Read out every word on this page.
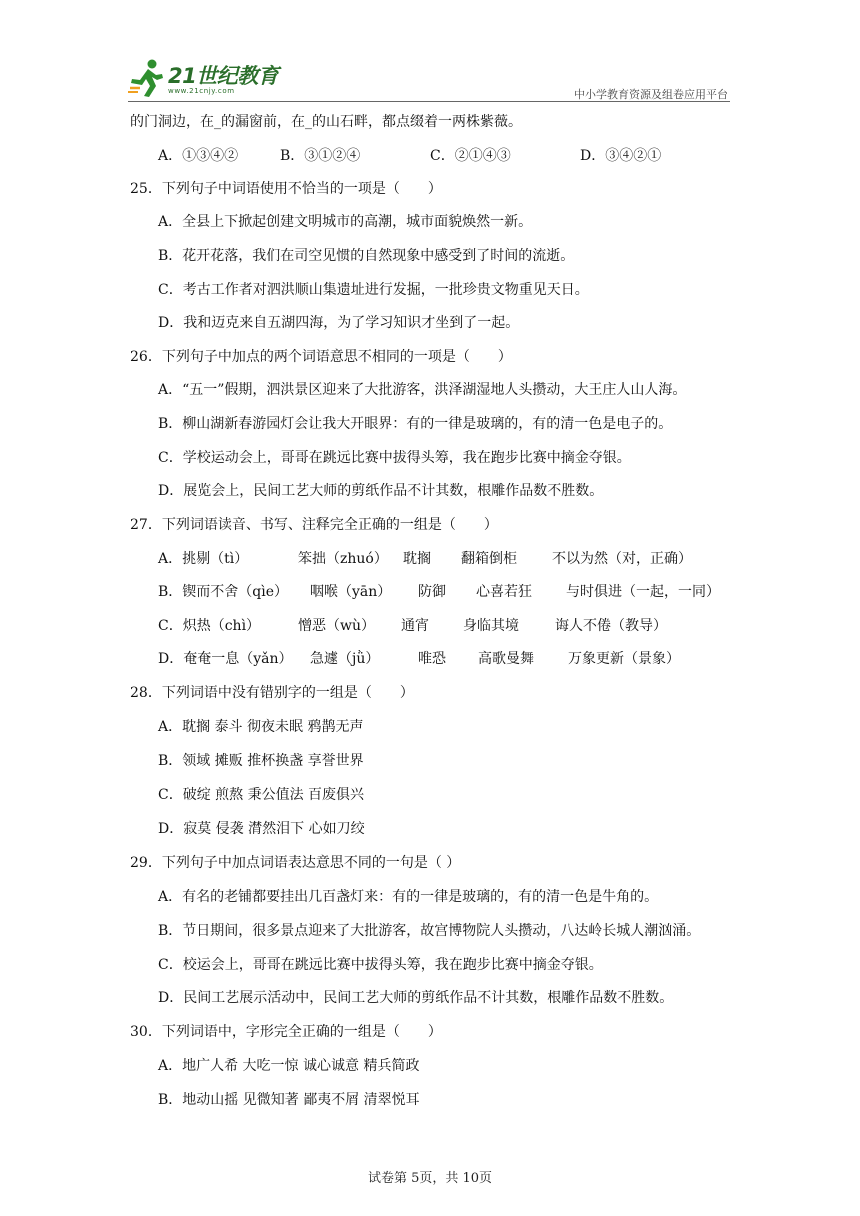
21世纪教育
www.21cnjy.com	中小学教育资源及组卷应用平台
的门洞边，在_的漏窗前，在_的山石畔，都点缀着一两株紫薇。
A．①③④②	B．③①②④	C．②①④③	D．③④②①
25．下列句子中词语使用不恰当的一项是（　　）
A．全县上下掀起创建文明城市的高潮，城市面貌焕然一新。
B．花开花落，我们在司空见惯的自然现象中感受到了时间的流逝。
C．考古工作者对泗洪顺山集遗址进行发掘，一批珍贵文物重见天日。
D．我和迈克来自五湖四海，为了学习知识才坐到了一起。
26．下列句子中加点的两个词语意思不相同的一项是（　　）
A．“五一”假期，泗洪景区迎来了大批游客，洪泽湖湿地人头攒动，大王庄人山人海。
B．柳山湖新春游园灯会让我大开眼界：有的一律是玻璃的，有的清一色是电子的。
C．学校运动会上，哥哥在跳远比赛中拔得头筹，我在跑步比赛中摘金夺银。
D．展览会上，民间工艺大师的剪纸作品不计其数，根雕作品数不胜数。
27．下列词语读音、书写、注释完全正确的一组是（　　）
A．挑剔（tì）	笨拙（zhuó） 耽搁 翻箱倒柜	不以为然（对，正确）
B．锲而不舍（qìe） 咽喉（yān） 防御 心喜若狂 与时俱进（一起，一同）
C．炽热（chì）	憎恶（wù） 通宵 身临其境	诲人不倦（教导）
D．奄奄一息（yǎn） 急遽（jǜ）	唯恐 高歌曼舞 万象更新（景象）
28．下列词语中没有错别字的一组是（　　）
A．耽搁 泰斗 彻夜未眠 鸦鹊无声
B．领域 摊贩 推杯换盏 享誉世界
C．破绽 煎熬 秉公值法 百废俱兴
D．寂莫 侵袭 潸然泪下 心如刀绞
29．下列句子中加点词语表达意思不同的一句是（ ）
A．有名的老铺都要挂出几百盏灯来：有的一律是玻璃的，有的清一色是牛角的。
B．节日期间，很多景点迎来了大批游客，故宫博物院人头攒动，八达岭长城人潮汹涌。
C．校运会上，哥哥在跳远比赛中拔得头筹，我在跑步比赛中摘金夺银。
D．民间工艺展示活动中，民间工艺大师的剪纸作品不计其数，根雕作品数不胜数。
30．下列词语中，字形完全正确的一组是（　　）
A．地广人希 大吃一惊 诚心诚意 精兵简政
B．地动山摇 见微知著 鄙夷不屑 清翠悦耳
试卷第 5页，共 10页
